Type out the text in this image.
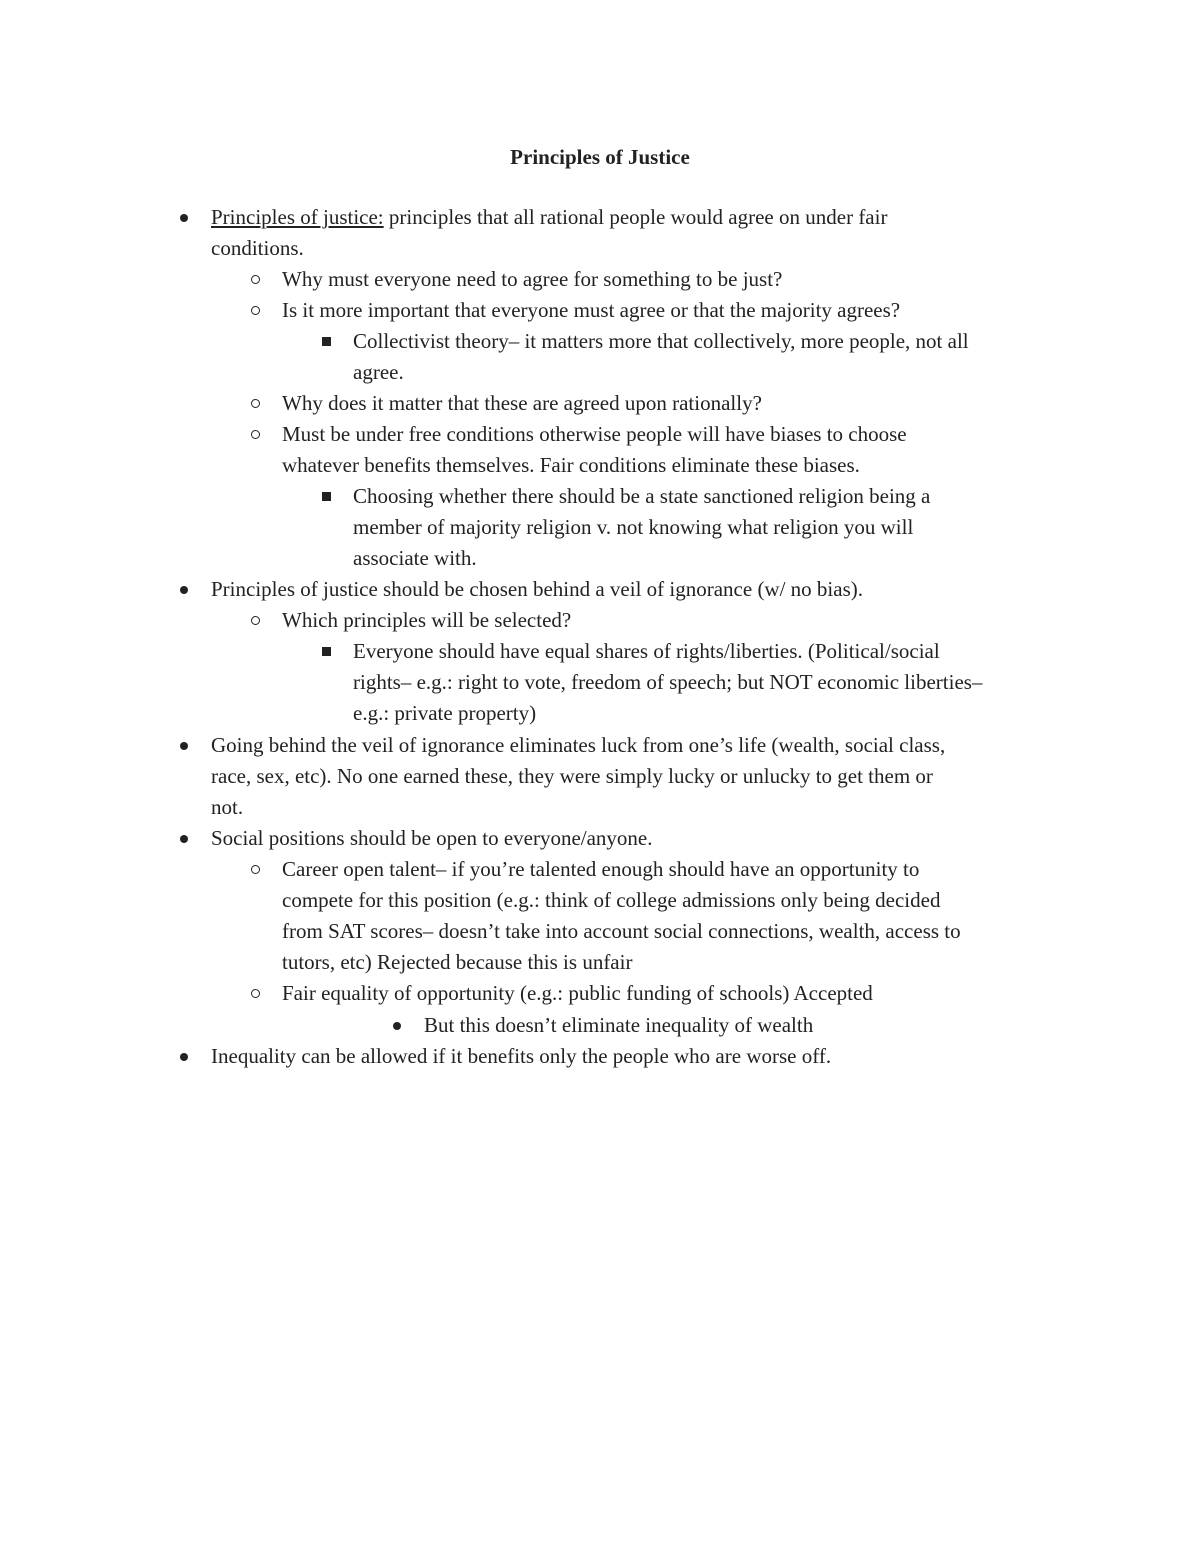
Principles of Justice
Principles of justice: principles that all rational people would agree on under fair
conditions.
Why must everyone need to agree for something to be just?
Is it more important that everyone must agree or that the majority agrees?
Collectivist theory– it matters more that collectively, more people, not all
agree.
Why does it matter that these are agreed upon rationally?
Must be under free conditions otherwise people will have biases to choose
whatever benefits themselves. Fair conditions eliminate these biases.
Choosing whether there should be a state sanctioned religion being a
member of majority religion v. not knowing what religion you will
associate with.
Principles of justice should be chosen behind a veil of ignorance (w/ no bias).
Which principles will be selected?
Everyone should have equal shares of rights/liberties. (Political/social
rights– e.g.: right to vote, freedom of speech; but NOT economic liberties–
e.g.: private property)
Going behind the veil of ignorance eliminates luck from one’s life (wealth, social class,
race, sex, etc). No one earned these, they were simply lucky or unlucky to get them or
not.
Social positions should be open to everyone/anyone.
Career open talent– if you’re talented enough should have an opportunity to
compete for this position (e.g.: think of college admissions only being decided
from SAT scores– doesn’t take into account social connections, wealth, access to
tutors, etc) Rejected because this is unfair
Fair equality of opportunity (e.g.: public funding of schools) Accepted
But this doesn’t eliminate inequality of wealth
Inequality can be allowed if it benefits only the people who are worse off.
